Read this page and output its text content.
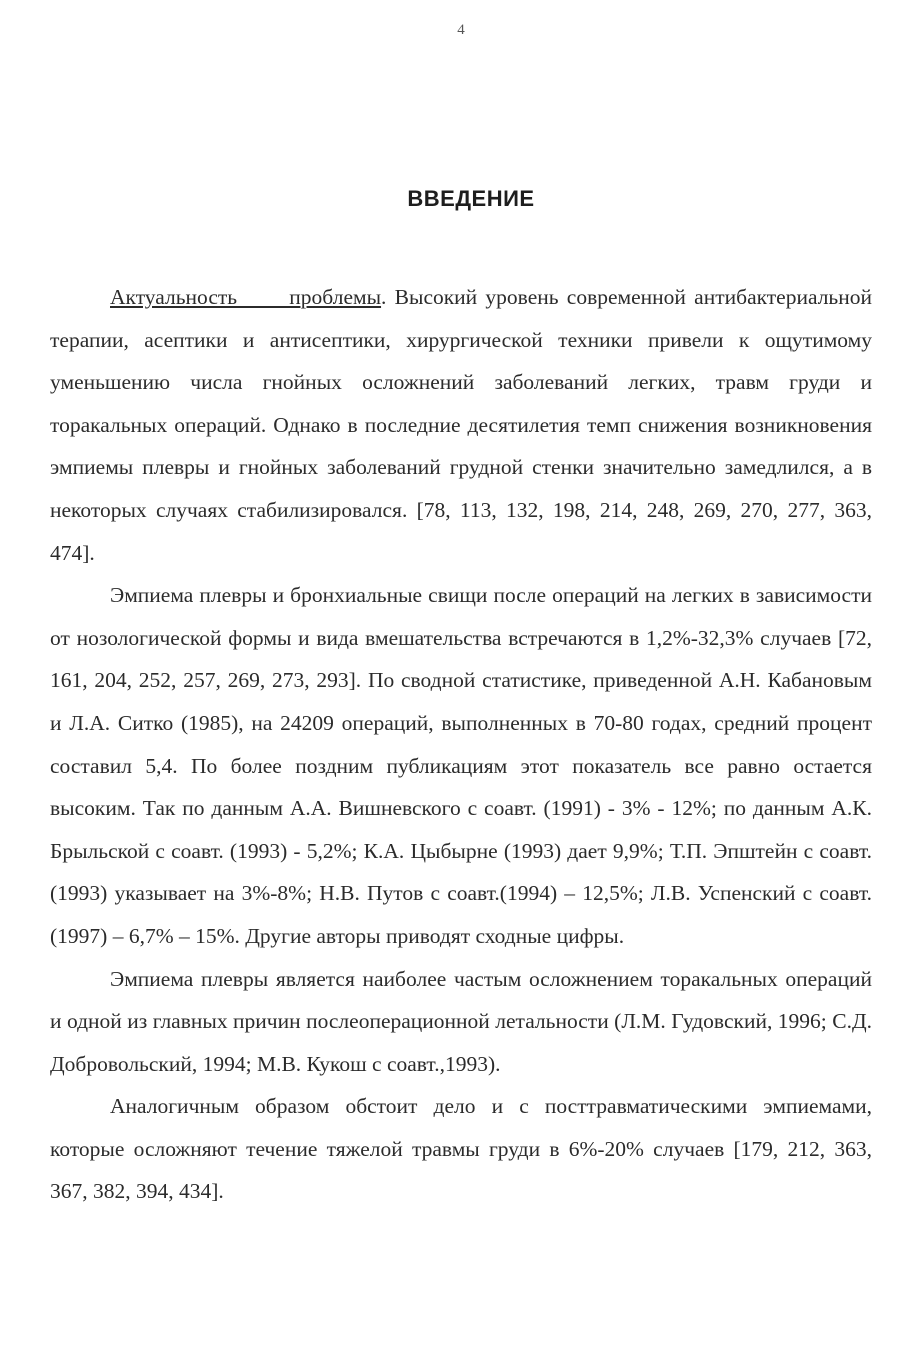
4
ВВЕДЕНИЕ

Актуальность проблемы. Высокий уровень современной антибактериальной терапии, асептики и антисептики, хирургической техники привели к ощутимому уменьшению числа гнойных осложнений заболеваний легких, травм груди и торакальных операций. Однако в последние десятилетия темп снижения возникновения эмпиемы плевры и гнойных заболеваний грудной стенки значительно замедлился, а в некоторых случаях стабилизировался. [78, 113, 132, 198, 214, 248, 269, 270, 277, 363, 474].

Эмпиема плевры и бронхиальные свищи после операций на легких в зависимости от нозологической формы и вида вмешательства встречаются в 1,2%-32,3% случаев [72, 161, 204, 252, 257, 269, 273, 293]. По сводной статистике, приведенной А.Н. Кабановым и Л.А. Ситко (1985), на 24209 операций, выполненных в 70-80 годах, средний процент составил 5,4. По более поздним публикациям этот показатель все равно остается высоким. Так по данным А.А. Вишневского с соавт. (1991) - 3% - 12%; по данным А.К. Брыльской с соавт. (1993) - 5,2%; К.А. Цыбырне (1993) дает 9,9%; Т.П. Эпштейн с соавт. (1993) указывает на 3%-8%; Н.В. Путов с соавт.(1994) – 12,5%; Л.В. Успенский с соавт. (1997) – 6,7% – 15%. Другие авторы приводят сходные цифры.

Эмпиема плевры является наиболее частым осложнением торакальных операций и одной из главных причин послеоперационной летальности (Л.М. Гудовский, 1996; С.Д. Добровольский, 1994; М.В. Кукош с соавт.,1993).

Аналогичным образом обстоит дело и с посттравматическими эмпиемами, которые осложняют течение тяжелой травмы груди в 6%-20% случаев [179, 212, 363, 367, 382, 394, 434].
